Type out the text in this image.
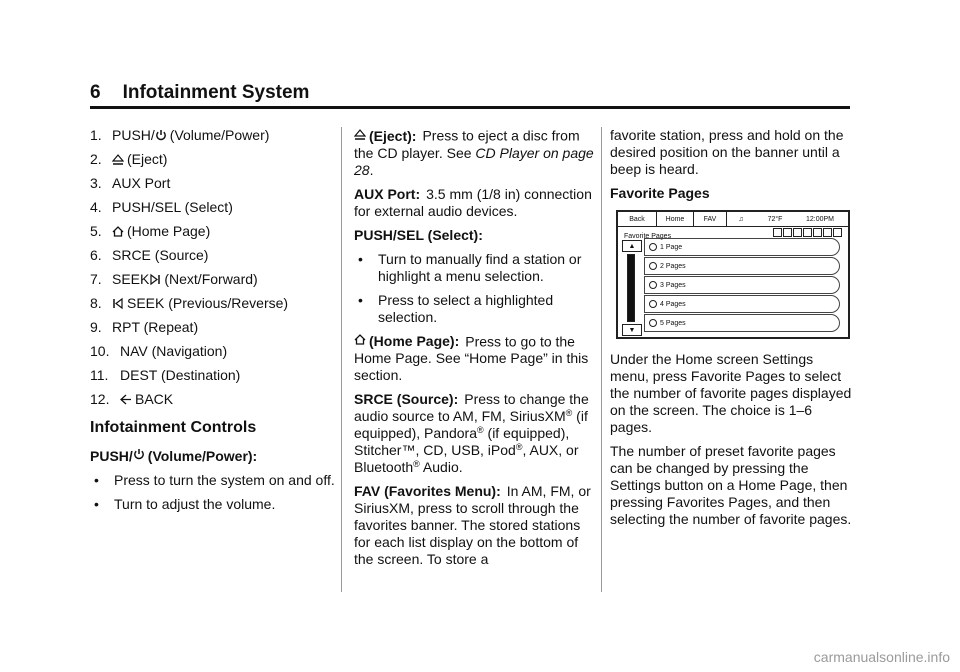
6 Infotainment System
1. PUSH/ (Volume/Power)
2.	(Eject)
3. AUX Port
4. PUSH/SEL (Select)
5.	(Home Page)
6. SRCE (Source)
7. SEEK (Next/Forward)
8.	SEEK (Previous/Reverse)
9. RPT (Repeat)
10. NAV (Navigation)
11. DEST (Destination)
12.	BACK
Infotainment Controls
PUSH/ (Volume/Power):
• Press to turn the system on and off.
• Turn to adjust the volume.
(Eject): Press to eject a disc from the CD player. See CD Player on page 28.
AUX Port: 3.5 mm (1/8 in) connection for external audio devices.
PUSH/SEL (Select):
• Turn to manually find a station or highlight a menu selection.
• Press to select a highlighted selection.
(Home Page): Press to go to the Home Page. See “Home Page” in this section.
SRCE (Source): Press to change the audio source to AM, FM, SiriusXM® (if equipped), Pandora® (if equipped), Stitcher™, CD, USB, iPod®, AUX, or Bluetooth® Audio.
FAV (Favorites Menu): In AM, FM, or SiriusXM, press to scroll through the favorites banner. The stored stations for each list display on the bottom of the screen. To store a
favorite station, press and hold on the desired position on the banner until a beep is heard.
Favorite Pages
Back	Home	FAV	♫	72°F	12:00PM
Favorite Pages
▲
▼
1 Page
2 Pages
3 Pages
4 Pages
5 Pages
Under the Home screen Settings menu, press Favorite Pages to select the number of favorite pages displayed on the screen. The choice is 1–6 pages.
The number of preset favorite pages can be changed by pressing the Settings button on a Home Page, then pressing Favorites Pages, and then selecting the number of favorite pages.
carmanualsonline.info
